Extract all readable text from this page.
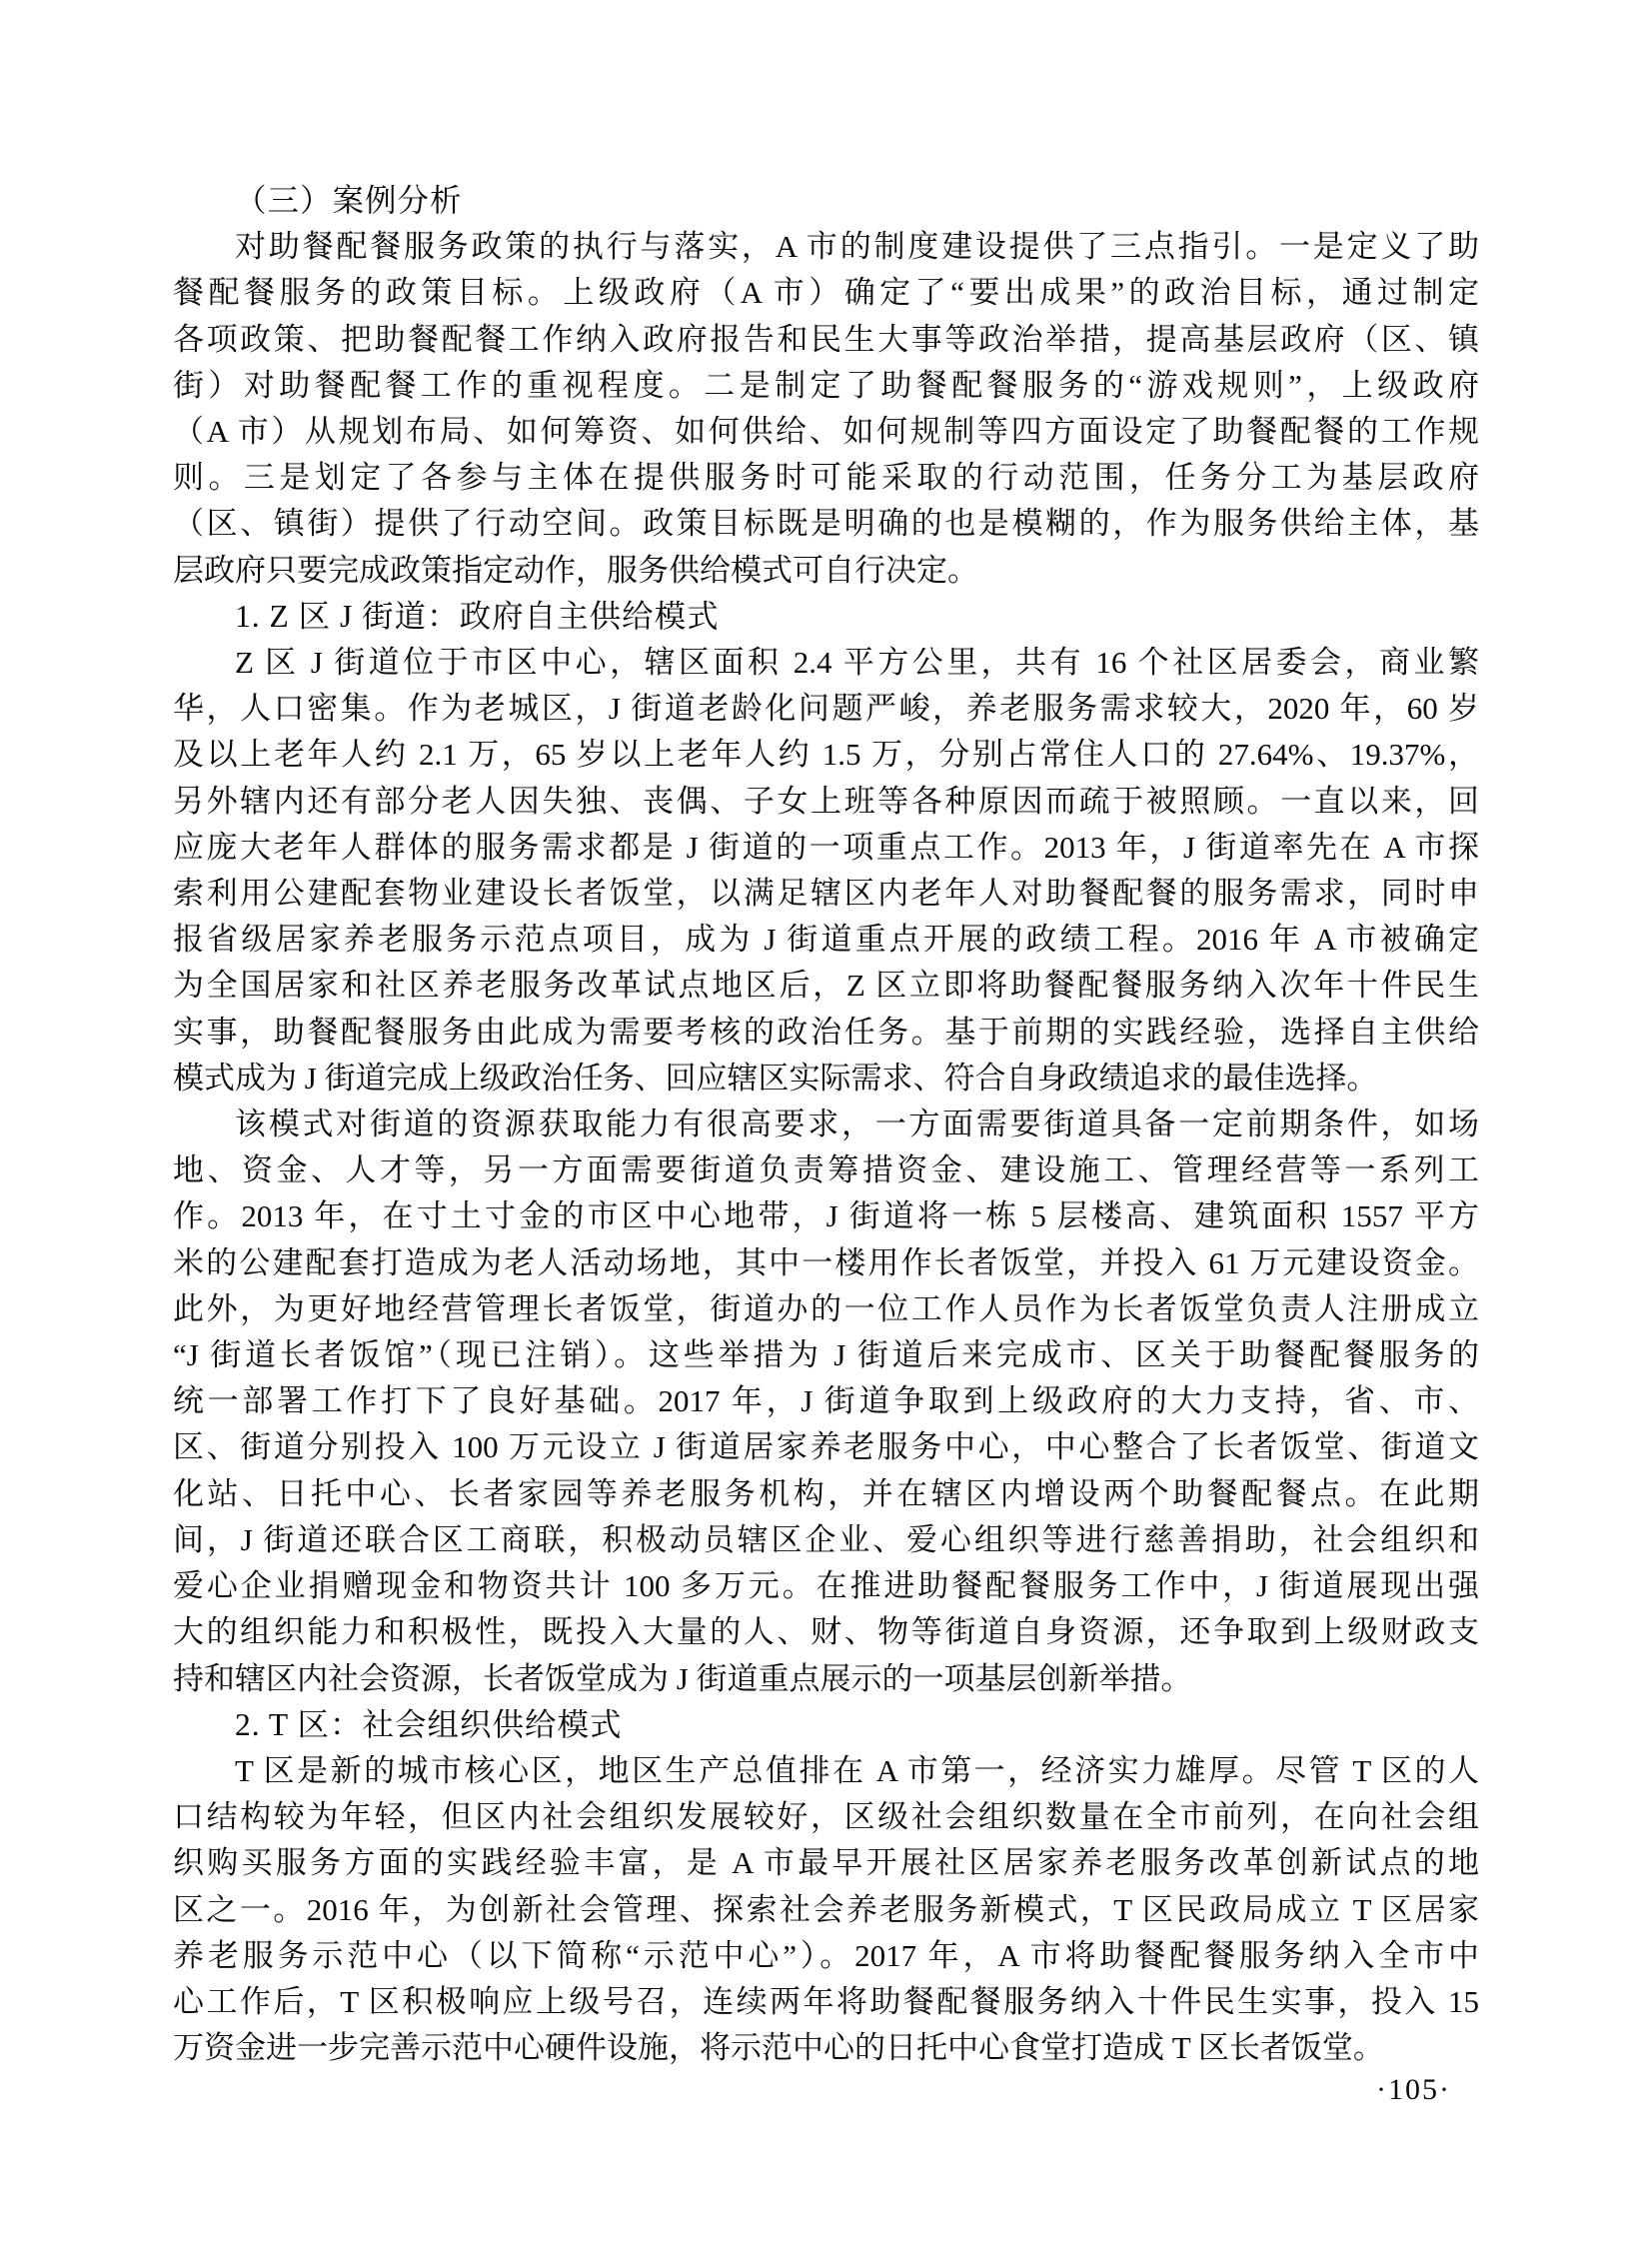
（三）案例分析
对助餐配餐服务政策的执行与落实，A 市的制度建设提供了三点指引。一是定义了助
餐配餐服务的政策目标。上级政府（A 市）确定了“要出成果”的政治目标，通过制定
各项政策、把助餐配餐工作纳入政府报告和民生大事等政治举措，提高基层政府（区、镇
街）对助餐配餐工作的重视程度。二是制定了助餐配餐服务的“游戏规则”，上级政府
（A 市）从规划布局、如何筹资、如何供给、如何规制等四方面设定了助餐配餐的工作规
则。三是划定了各参与主体在提供服务时可能采取的行动范围，任务分工为基层政府
（区、镇街）提供了行动空间。政策目标既是明确的也是模糊的，作为服务供给主体，基
层政府只要完成政策指定动作，服务供给模式可自行决定。
1. Z 区 J 街道：政府自主供给模式
Z 区 J 街道位于市区中心，辖区面积 2.4 平方公里，共有 16 个社区居委会，商业繁
华，人口密集。作为老城区，J 街道老龄化问题严峻，养老服务需求较大，2020 年，60 岁
及以上老年人约 2.1 万，65 岁以上老年人约 1.5 万，分别占常住人口的 27.64%、19.37%，
另外辖内还有部分老人因失独、丧偶、子女上班等各种原因而疏于被照顾。一直以来，回
应庞大老年人群体的服务需求都是 J 街道的一项重点工作。2013 年，J 街道率先在 A 市探
索利用公建配套物业建设长者饭堂，以满足辖区内老年人对助餐配餐的服务需求，同时申
报省级居家养老服务示范点项目，成为 J 街道重点开展的政绩工程。2016 年 A 市被确定
为全国居家和社区养老服务改革试点地区后，Z 区立即将助餐配餐服务纳入次年十件民生
实事，助餐配餐服务由此成为需要考核的政治任务。基于前期的实践经验，选择自主供给
模式成为 J 街道完成上级政治任务、回应辖区实际需求、符合自身政绩追求的最佳选择。
该模式对街道的资源获取能力有很高要求，一方面需要街道具备一定前期条件，如场
地、资金、人才等，另一方面需要街道负责筹措资金、建设施工、管理经营等一系列工
作。2013 年，在寸土寸金的市区中心地带，J 街道将一栋 5 层楼高、建筑面积 1557 平方
米的公建配套打造成为老人活动场地，其中一楼用作长者饭堂，并投入 61 万元建设资金。
此外，为更好地经营管理长者饭堂，街道办的一位工作人员作为长者饭堂负责人注册成立
“J 街道长者饭馆”（现已注销）。这些举措为 J 街道后来完成市、区关于助餐配餐服务的
统一部署工作打下了良好基础。2017 年，J 街道争取到上级政府的大力支持，省、市、
区、街道分别投入 100 万元设立 J 街道居家养老服务中心，中心整合了长者饭堂、街道文
化站、日托中心、长者家园等养老服务机构，并在辖区内增设两个助餐配餐点。在此期
间，J 街道还联合区工商联，积极动员辖区企业、爱心组织等进行慈善捐助，社会组织和
爱心企业捐赠现金和物资共计 100 多万元。在推进助餐配餐服务工作中，J 街道展现出强
大的组织能力和积极性，既投入大量的人、财、物等街道自身资源，还争取到上级财政支
持和辖区内社会资源，长者饭堂成为 J 街道重点展示的一项基层创新举措。
2. T 区：社会组织供给模式
T 区是新的城市核心区，地区生产总值排在 A 市第一，经济实力雄厚。尽管 T 区的人
口结构较为年轻，但区内社会组织发展较好，区级社会组织数量在全市前列，在向社会组
织购买服务方面的实践经验丰富，是 A 市最早开展社区居家养老服务改革创新试点的地
区之一。2016 年，为创新社会管理、探索社会养老服务新模式，T 区民政局成立 T 区居家
养老服务示范中心（以下简称“示范中心”）。2017 年，A 市将助餐配餐服务纳入全市中
心工作后，T 区积极响应上级号召，连续两年将助餐配餐服务纳入十件民生实事，投入 15
万资金进一步完善示范中心硬件设施，将示范中心的日托中心食堂打造成 T 区长者饭堂。
·105·
